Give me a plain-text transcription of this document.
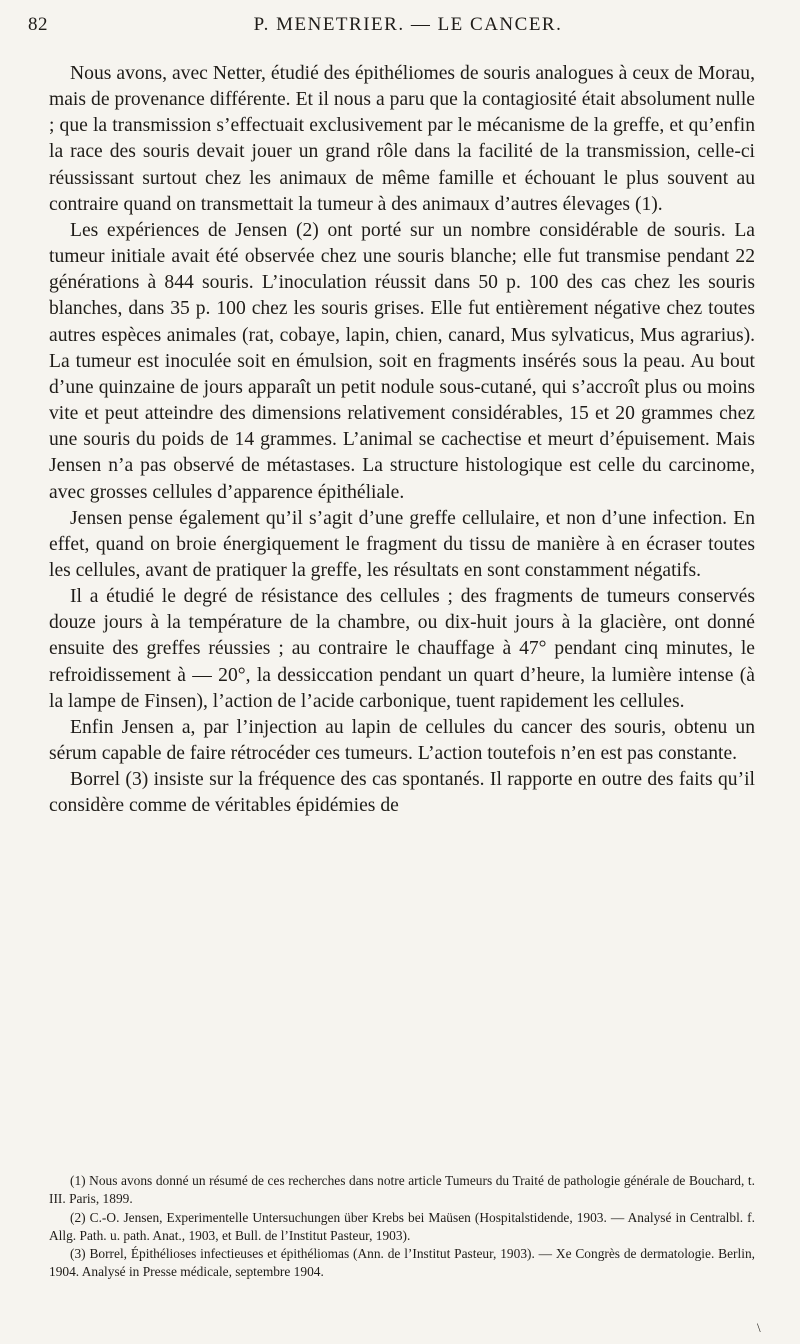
82	P. MENETRIER. — LE CANCER.

Nous avons, avec Netter, étudié des épithéliomes de souris analogues à ceux de Morau, mais de provenance différente. Et il nous a paru que la contagiosité était absolument nulle ; que la transmission s’effectuait exclusivement par le mécanisme de la greffe, et qu’enfin la race des souris devait jouer un grand rôle dans la facilité de la transmission, celle-ci réussissant surtout chez les animaux de même famille et échouant le plus souvent au contraire quand on transmettait la tumeur à des animaux d’autres élevages (1).

Les expériences de Jensen (2) ont porté sur un nombre considérable de souris. La tumeur initiale avait été observée chez une souris blanche; elle fut transmise pendant 22 générations à 844 souris. L’inoculation réussit dans 50 p. 100 des cas chez les souris blanches, dans 35 p. 100 chez les souris grises. Elle fut entièrement négative chez toutes autres espèces animales (rat, cobaye, lapin, chien, canard, Mus sylvaticus, Mus agrarius). La tumeur est inoculée soit en émulsion, soit en fragments insérés sous la peau. Au bout d’une quinzaine de jours apparaît un petit nodule sous-cutané, qui s’accroît plus ou moins vite et peut atteindre des dimensions relativement considérables, 15 et 20 grammes chez une souris du poids de 14 grammes. L’animal se cachectise et meurt d’épuisement. Mais Jensen n’a pas observé de métastases. La structure histologique est celle du carcinome, avec grosses cellules d’apparence épithéliale.

Jensen pense également qu’il s’agit d’une greffe cellulaire, et non d’une infection. En effet, quand on broie énergiquement le fragment du tissu de manière à en écraser toutes les cellules, avant de pratiquer la greffe, les résultats en sont constamment négatifs.

Il a étudié le degré de résistance des cellules ; des fragments de tumeurs conservés douze jours à la température de la chambre, ou dix-huit jours à la glacière, ont donné ensuite des greffes réussies ; au contraire le chauffage à 47° pendant cinq minutes, le refroidissement à — 20°, la dessiccation pendant un quart d’heure, la lumière intense (à la lampe de Finsen), l’action de l’acide carbonique, tuent rapidement les cellules.

Enfin Jensen a, par l’injection au lapin de cellules du cancer des souris, obtenu un sérum capable de faire rétrocéder ces tumeurs. L’action toutefois n’en est pas constante.

Borrel (3) insiste sur la fréquence des cas spontanés. Il rapporte en outre des faits qu’il considère comme de véritables épidémies de

(1) Nous avons donné un résumé de ces recherches dans notre article Tumeurs du Traité de pathologie générale de Bouchard, t. III. Paris, 1899.

(2) C.-O. Jensen, Experimentelle Untersuchungen über Krebs bei Maüsen (Hospitalstidende, 1903. — Analysé in Centralbl. f. Allg. Path. u. path. Anat., 1903, et Bull. de l’Institut Pasteur, 1903).

(3) Borrel, Épithélioses infectieuses et épithéliomas (Ann. de l’Institut Pasteur, 1903). — Xe Congrès de dermatologie. Berlin, 1904. Analysé in Presse médicale, septembre 1904.

\
